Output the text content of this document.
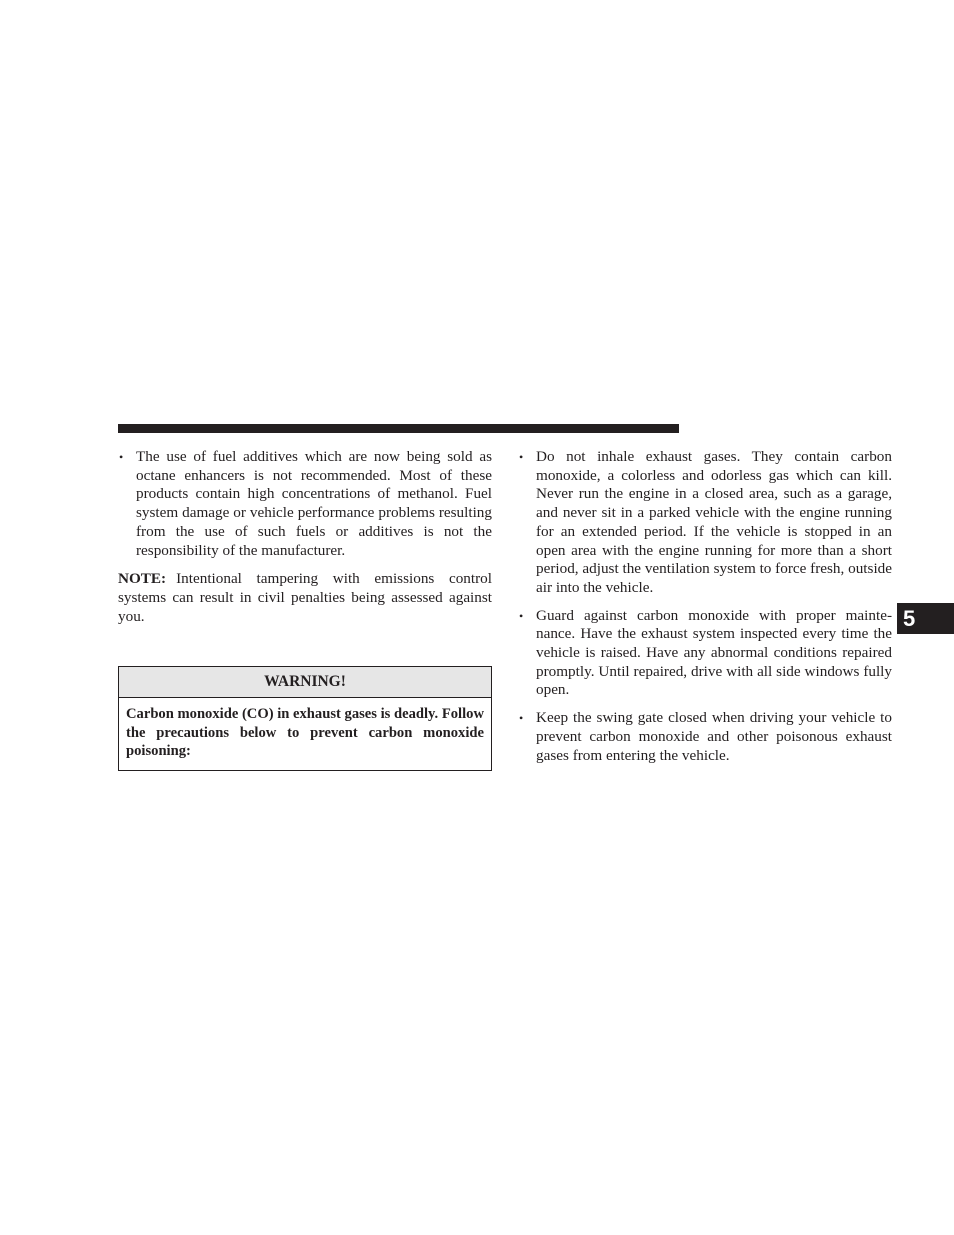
• The use of fuel additives which are now being sold as octane enhancers is not recommended. Most of these products contain high concentrations of methanol. Fuel system damage or vehicle performance problems resulting from the use of such fuels or additives is not the responsibility of the manufacturer.

NOTE: Intentional tampering with emissions control systems can result in civil penalties being assessed against you.

WARNING!
Carbon monoxide (CO) in exhaust gases is deadly. Follow the precautions below to prevent carbon monoxide poisoning:
• Do not inhale exhaust gases. They contain carbon monoxide, a colorless and odorless gas which can kill. Never run the engine in a closed area, such as a garage, and never sit in a parked vehicle with the engine running for an extended period. If the vehicle is stopped in an open area with the engine running for more than a short period, adjust the ventilation system to force fresh, outside air into the vehicle.
• Guard against carbon monoxide with proper mainte-nance. Have the exhaust system inspected every time the vehicle is raised. Have any abnormal conditions repaired promptly. Until repaired, drive with all side windows fully open.
• Keep the swing gate closed when driving your vehicle to prevent carbon monoxide and other poisonous exhaust gases from entering the vehicle.
5
